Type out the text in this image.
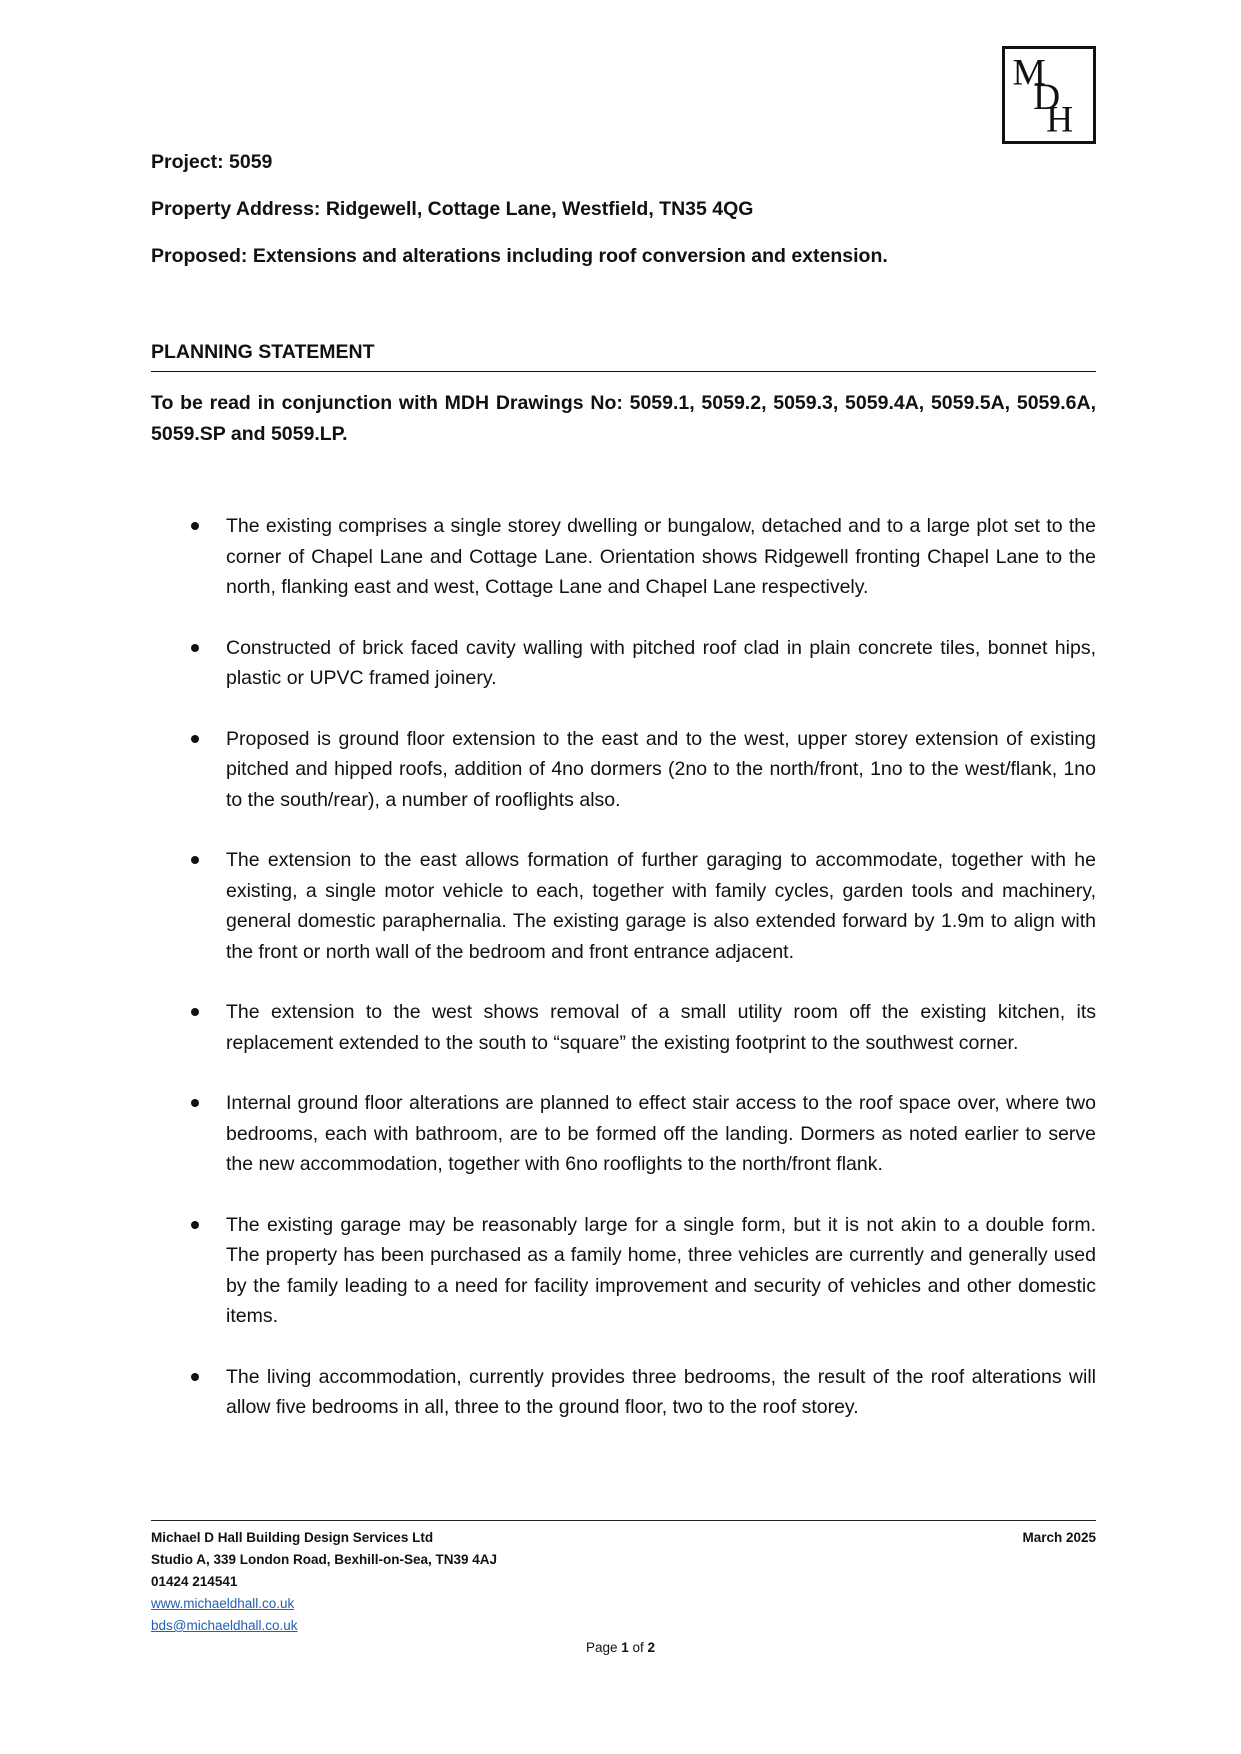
M
D
H
Project: 5059
Property Address: Ridgewell, Cottage Lane, Westfield, TN35 4QG
Proposed: Extensions and alterations including roof conversion and extension.
PLANNING STATEMENT
To be read in conjunction with MDH Drawings No: 5059.1, 5059.2, 5059.3, 5059.4A, 5059.5A, 5059.6A, 5059.SP and 5059.LP.
The existing comprises a single storey dwelling or bungalow, detached and to a large plot set to the corner of Chapel Lane and Cottage Lane. Orientation shows Ridgewell fronting Chapel Lane to the north, flanking east and west, Cottage Lane and Chapel Lane respectively.
Constructed of brick faced cavity walling with pitched roof clad in plain concrete tiles, bonnet hips, plastic or UPVC framed joinery.
Proposed is ground floor extension to the east and to the west, upper storey extension of existing pitched and hipped roofs, addition of 4no dormers (2no to the north/front, 1no to the west/flank, 1no to the south/rear), a number of rooflights also.
The extension to the east allows formation of further garaging to accommodate, together with he existing, a single motor vehicle to each, together with family cycles, garden tools and machinery, general domestic paraphernalia. The existing garage is also extended forward by 1.9m to align with the front or north wall of the bedroom and front entrance adjacent.
The extension to the west shows removal of a small utility room off the existing kitchen, its replacement extended to the south to “square” the existing footprint to the southwest corner.
Internal ground floor alterations are planned to effect stair access to the roof space over, where two bedrooms, each with bathroom, are to be formed off the landing. Dormers as noted earlier to serve the new accommodation, together with 6no rooflights to the north/front flank.
The existing garage may be reasonably large for a single form, but it is not akin to a double form. The property has been purchased as a family home, three vehicles are currently and generally used by the family leading to a need for facility improvement and security of vehicles and other domestic items.
The living accommodation, currently provides three bedrooms, the result of the roof alterations will allow five bedrooms in all, three to the ground floor, two to the roof storey.
Michael D Hall Building Design Services Ltd
Studio A, 339 London Road, Bexhill-on-Sea, TN39 4AJ
01424 214541
www.michaeldhall.co.uk
bds@michaeldhall.co.uk
March 2025
Page 1 of 2
